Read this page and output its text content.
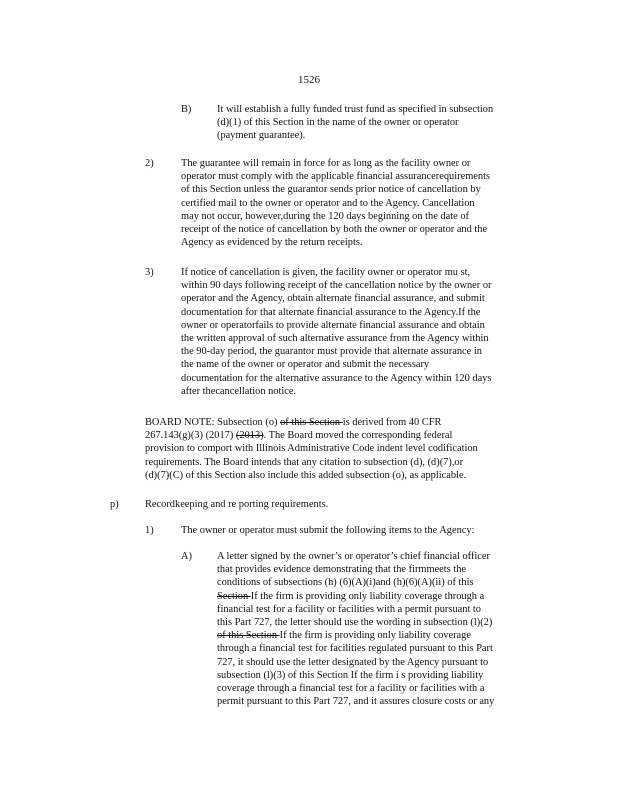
1526
B) It will establish a fully funded trust fund as specified in subsection
(d)(1) of this Section in the name of the owner or operator
(payment guarantee).
2)	The guarantee will remain in force for as long as the facility owner or
operator must comply with the applicable financial assurancerequirements
of this Section unless the guarantor sends prior notice of cancellation by
certified mail to the owner or operator and to the Agency. Cancellation
may not occur, however,during the 120 days beginning on the date of
receipt of the notice of cancellation by both the owner or operator and the
Agency as evidenced by the return receipts.
3)	If notice of cancellation is given, the facility owner or operator mu st,
within 90 days following receipt of the cancellation notice by the owner or
operator and the Agency, obtain alternate financial assurance, and submit
documentation for that alternate financial assurance to the Agency.If the
owner or operatorfails to provide alternate financial assurance and obtain
the written approval of such alternative assurance from the Agency within
the 90-day period, the guarantor must provide that alternate assurance in
the name of the owner or operator and submit the necessary
documentation for the alternative assurance to the Agency within 120 days
after thecancellation notice.
BOARD NOTE: Subsection (o) of this Section is derived from 40 CFR
267.143(g)(3) (2017) (2013). The Board moved the corresponding federal
provision to comport with Illinois Administrative Code indent level codification
requirements. The Board intends that any citation to subsection (d), (d)(7),or
(d)(7)(C) of this Section also include this added subsection (o), as applicable.
p)	Recordkeeping and re porting requirements.
1)	The owner or operator must submit the following items to the Agency:
A) A letter signed by the owner’s or operator’s chief financial officer
that provides evidence demonstrating that the firmmeets the
conditions of subsections (h) (6)(A)(i)and (h)(6)(A)(ii) of this
Section If the firm is providing only liability coverage through a
financial test for a facility or facilities with a permit pursuant to
this Part 727, the letter should use the wording in subsection (l)(2)
of this Section If the firm is providing only liability coverage
through a financial test for facilities regulated pursuant to this Part
727, it should use the letter designated by the Agency pursuant to
subsection (l)(3) of this Section If the firm i s providing liability
coverage through a financial test for a facility or facilities with a
permit pursuant to this Part 727, and it assures closure costs or any
